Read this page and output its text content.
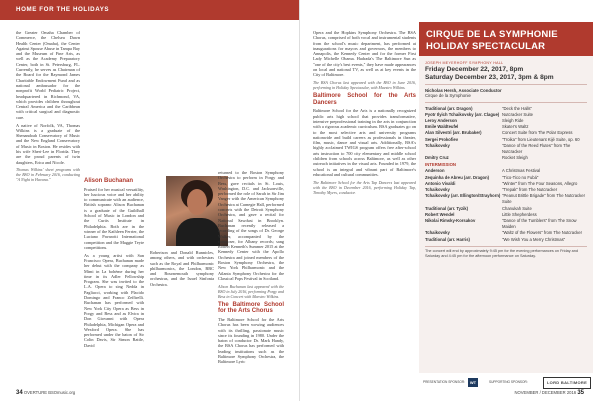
HOME FOR THE HOLIDAYS

the Greater Omaha Chamber of Commerce, the Chelsea Dawn Health Center (Omaha), the Center Against Spouse Abuse in Tampa Bay and the Museum of Fine Arts, as well as the Academy Preparatory Center, both in St. Petersburg, FL. Currently, he serves as Chairman of the Board for the Raymond James Charitable Endowment Fund and as national ambassador for the nonprofit World Pediatric Project, headquartered in Richmond, VA, which provides children throughout Central America and the Caribbean with critical surgical and diagnostic care.

A native of Norfolk, VA, Thomas Wilkins is a graduate of the Shenandoah Conservatory of Music and the New England Conservatory of Music in Boston. He resides with his wife Sheri-Lee in Florida. They are the proud parents of twin daughters, Erica and Nicole.

Thomas Wilkins' sheet programs with the BSO in February 2016, conducting "A Night in Havana."	Alison Buchanan

Praised for her musical versatility, her luscious voice and her ability to communicate with an audience, British soprano Alison Buchanan is a graduate of the Guildhall School of Music in London and the Curtis Institute in Philadelphia. Both are in the winner of the Kathleen Ferrier, the Luciano Pavarotti International competition and the Maggie Teyte competitions.

As a young artist with San Francisco Opera, Buchanan made her debut with the company as Mimi in La bohème during her time in its Adler Fellowship Program. She was invited to the L.A. Opera to sing Nedda in Pagliacci, working with Placido Domingo and Franco Zeffirelli. Buchanan has performed with New York City Opera as Bess in Porgy and Bess and as Elvira in Don Giovanni with Opera Philadelphia, Michigan Opera and Wexford Opera. She has performed under the baton of Sir Colin Davis, Sir Simon Rattle, David

Robertson and Donald Runnicles, among others, and with orchestras such as the Royal and Philharmonic philharmonics, the London, BBC and Bournemouth symphony orchestras, and the Israel Sinfonia Orchestra.

returned to the Boston Symphony Orchestra to perform in Porgy and Bess, gave recitals in St. Louis, Washington, D.C. and Jacksonville, performed the role of Sarah in Sir Jim Vanger with the American Symphony Orchestra at Carnegie Hall, performed concerts with the Detroit Symphony Orchestra, and gave a recital for National Sawdust in Brooklyn. Buchanan recently released a recording of the songs of Dr. George Walker, accompanied by the composer, for Albany records; sang Robert Kenneth's Summer 2015 at the Kennedy Center with the Apollo Orchestra and joined members of the Boston Symphony Orchestra, the New York Philharmonic and the Atlanta Symphony Orchestra for the Classical Pops Festival in Scotland.

Alison Buchanan last appeared with the BSO in July 2016, performing Porgy and Bess in Concert with Maestro Wilkins.

The Baltimore School for the Arts Chorus

The Baltimore School for the Arts Chorus has been wowing audiences with its thrilling, passionate music since its founding in 1980. Under the baton of conductor Dr. Mark Handy, the BSA Chorus has performed with leading institutions such as the Baltimore Symphony Orchestra, the Baltimore Lyric

34 OVERTURE BSOmusic.org

Opera and the Hopkins Symphony Orchestra. The BSA Chorus, comprised of both vocal and instrumental students from the school's music department, has performed at inaugurations for mayors and governors, the members to Annapolis, the Kennedy Center and for the former First Lady Michelle Obama. Hadrada's The Baltimore Sun as "one of the city's best events," they have made appearances on local and national TV, as well as at key events in the City of Baltimore.

The BSA Chorus last appeared with the BSO in June 2016, performing in Holiday Spectacular, with Maestro Wilkins.

Baltimore School for the Arts Dancers

Baltimore School for the Arts is a nationally recognized public arts high school that provides transformative, intensive preprofessional training in the arts in conjunction with a rigorous academic curriculum. BSA graduates go on to the most selective arts and university programs nationwide and build careers as professionals in theater, film, music, dance and visual arts. Additionally, BSA's highly acclaimed TWIGS program offers free after-school arts instruction to 700 city elementary and middle school children from schools across Baltimore, as well as other outreach initiatives in the visual arts. Founded in 1979, the school is an integral and vibrant part of Baltimore's educational and cultural communities.

The Baltimore School for the Arts Tap Dancers last appeared with the BSO in December 2016, performing Holiday Tap, Timothy Myers, conductor.

NOVEMBER / DECEMBER 2016 35
CIRQUE DE LA SYMPHONIE
HOLIDAY SPECTACULAR
JOSEPH MEYERHOFF SYMPHONY HALL
Friday December 22, 2017, 8pm
Saturday December 23, 2017, 3pm & 8pm
Nicholas Hersh, Associate Conductor
Cirque de la Symphonie
Traditional (arr. Dragon)	"Deck the Halls"
Pyotr Ilyich Tchaikovsky (arr. Clague) Nutcracker Suite
Leroy Anderson	Sleigh Ride
Emile Waldteufel	Skater's Waltz
Alan Silvestri (arr. Brubaker)	Concert Suite from The Polar Express
Sergei Prokofiev	"Troika" from Lieutenant Kijé Suite, op. 60
Tchaikovsky	"Dance of the Reed Flutes" from The Nutcracker
Dmitry Cruz	Rocket Sleigh
INTERMISSION
Anderson	A Christmas Festival
Zequinha de Abreu (arr. Dragon)	"Tico-Tico no Fubá"
Antonio Vivaldi	"Winter" from The Four Seasons, Allegro
Tchaikovsky	"Trepak" from The Nutcracker
Tchaikovsky (arr. Ellington/Strayhorn) "Peanut Brittle Brigade" from The Nutcracker Suite
Traditional (arr. Tyzik)	Chanukah Suite
Robert Wendel	Little Shepherdess
Nikolai Rimsky-Korsakov	"Dance of the Tumblers" from The Snow Maiden
Tchaikovsky	"Waltz of the Flowers" from The Nutcracker
Traditional (arr. Harris)	"We Wish You a Merry Christmas"
The concert will end by approximately 9:45 pm for the evening performances on Friday and Saturday and 4:45 pm for the afternoon performance on Saturday.
PRESENTATION SPONSOR:	WT	SUPPORTING SPONSOR:	LORD BALTIMORE
